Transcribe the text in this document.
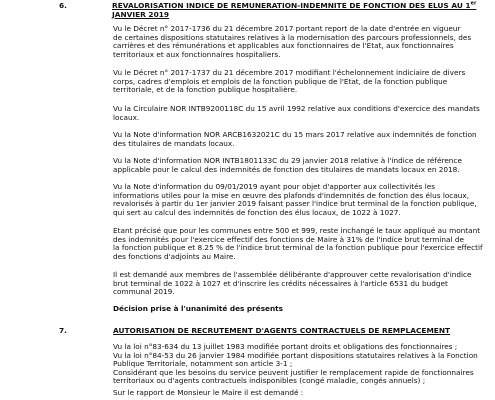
6.	REVALORISATION INDICE DE REMUNERATION-INDEMNITE DE FONCTION DES ELUS AU 1er
JANVIER 2019

Vu le Décret n° 2017-1736 du 21 décembre 2017 portant report de la date d'entrée en vigueur
de certaines dispositions statutaires relatives à la modernisation des parcours professionnels, des
carrières et des rémunérations et applicables aux fonctionnaires de l'Etat, aux fonctionnaires
territoriaux et aux fonctionnaires hospitaliers.

Vu le Décret n° 2017-1737 du 21 décembre 2017 modifiant l'échelonnement indiciaire de divers
corps, cadres d'emplois et emplois de la fonction publique de l'Etat, de la fonction publique
territoriale, et de la fonction publique hospitalière.

Vu la Circulaire NOR INTB9200118C du 15 avril 1992 relative aux conditions d'exercice des mandats
locaux.

Vu la Note d'information NOR ARCB1632021C du 15 mars 2017 relative aux indemnités de fonction
des titulaires de mandats locaux.

Vu la Note d'information NOR INTB1801133C du 29 janvier 2018 relative à l'indice de référence
applicable pour le calcul des indemnités de fonction des titulaires de mandats locaux en 2018.

Vu la Note d'information du 09/01/2019 ayant pour objet d'apporter aux collectivités les
informations utiles pour la mise en œuvre des plafonds d'indemnités de fonction des élus locaux,
revalorisés à partir du 1er janvier 2019 faisant passer l'indice brut terminal de la fonction publique,
qui sert au calcul des indemnités de fonction des élus locaux, de 1022 à 1027.

Etant précisé que pour les communes entre 500 et 999, reste inchangé le taux appliqué au montant
des indemnités pour l'exercice effectif des fonctions de Maire à 31% de l'indice brut terminal de
la fonction publique et 8.25 % de l'indice brut terminal de la fonction publique pour l'exercice effectif
des fonctions d'adjoints au Maire.

Il est demandé aux membres de l'assemblée délibérante d'approuver cette revalorisation d'indice
brut terminal de 1022 à 1027 et d'inscrire les crédits nécessaires à l'article 6531 du budget
communal 2019.

Décision prise à l'unanimité des présents

7.	AUTORISATION DE RECRUTEMENT D'AGENTS CONTRACTUELS DE REMPLACEMENT

Vu la loi n°83-634 du 13 juillet 1983 modifiée portant droits et obligations des fonctionnaires ;
Vu la loi n°84-53 du 26 janvier 1984 modifiée portant dispositions statutaires relatives à la Fonction
Publique Territoriale, notamment son article 3-1 ;
Considérant que les besoins du service peuvent justifier le remplacement rapide de fonctionnaires
territoriaux ou d'agents contractuels indisponibles (congé maladie, congés annuels) ;

Sur le rapport de Monsieur le Maire il est demandé :
